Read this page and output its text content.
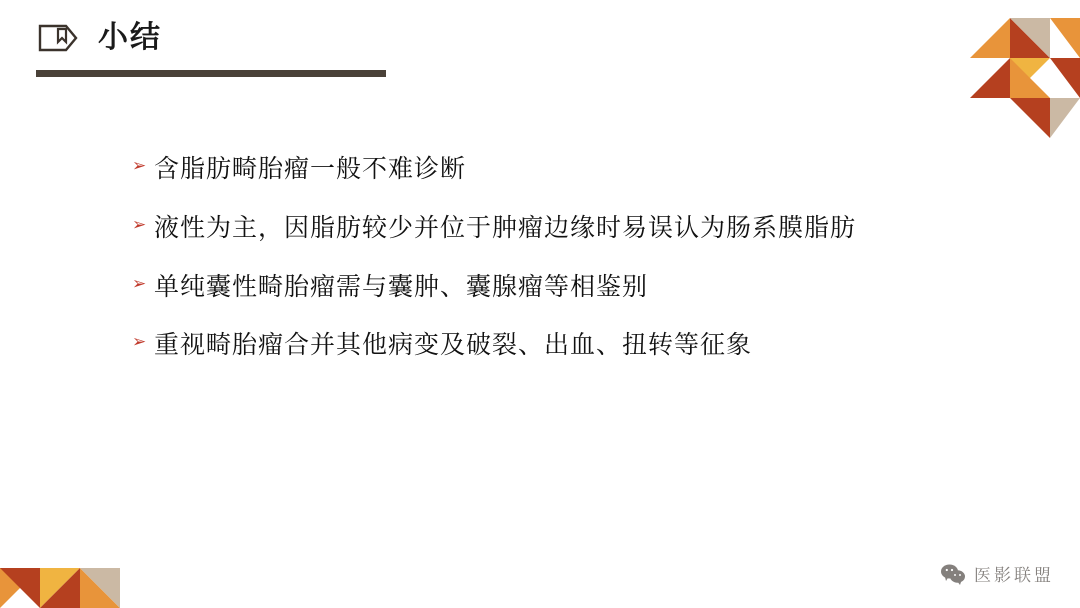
小结
➢ 含脂肪畸胎瘤一般不难诊断
➢ 液性为主，因脂肪较少并位于肿瘤边缘时易误认为肠系膜脂肪
➢ 单纯囊性畸胎瘤需与囊肿、囊腺瘤等相鉴别
➢ 重视畸胎瘤合并其他病变及破裂、出血、扭转等征象
医影联盟
